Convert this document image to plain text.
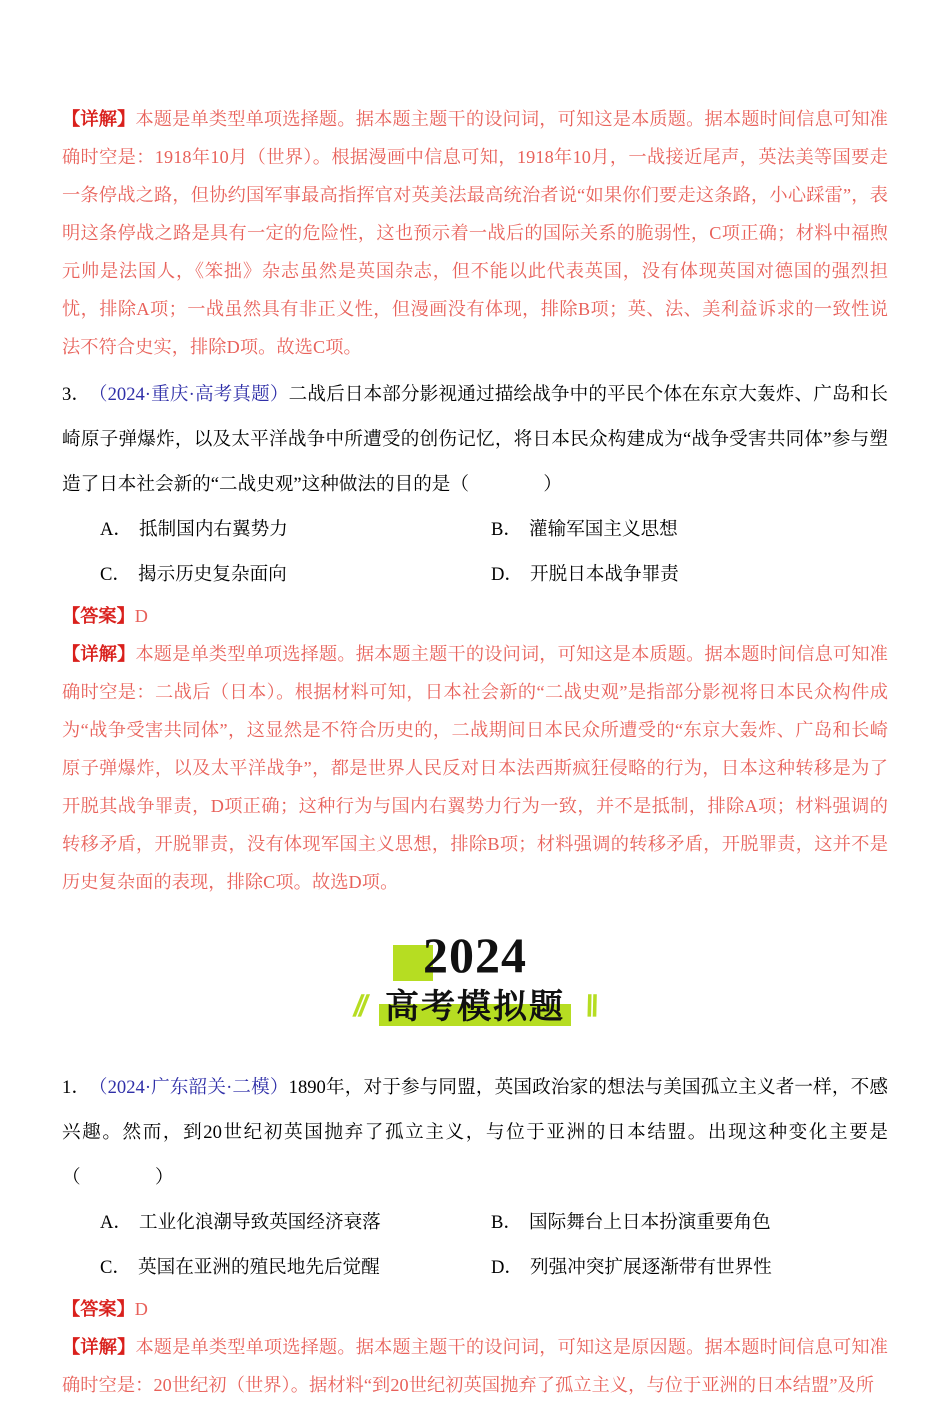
【详解】本题是单类型单项选择题。据本题主题干的设问词，可知这是本质题。据本题时间信息可知准确时空是：1918年10月（世界）。根据漫画中信息可知，1918年10月，一战接近尾声，英法美等国要走一条停战之路，但协约国军事最高指挥官对英美法最高统治者说“如果你们要走这条路，小心踩雷”，表明这条停战之路是具有一定的危险性，这也预示着一战后的国际关系的脆弱性，C项正确；材料中福煦元帅是法国人，《笨拙》杂志虽然是英国杂志，但不能以此代表英国，没有体现英国对德国的强烈担忧，排除A项；一战虽然具有非正义性，但漫画没有体现，排除B项；英、法、美利益诉求的一致性说法不符合史实，排除D项。故选C项。

3． （2024·重庆·高考真题）二战后日本部分影视通过描绘战争中的平民个体在东京大轰炸、广岛和长崎原子弹爆炸，以及太平洋战争中所遭受的创伤记忆，将日本民众构建成为“战争受害共同体”参与塑造了日本社会新的“二战史观”这种做法的目的是（　　　　）

A． 抵制国内右翼势力	B． 灌输军国主义思想
C． 揭示历史复杂面向	D． 开脱日本战争罪责

【答案】D

【详解】本题是单类型单项选择题。据本题主题干的设问词，可知这是本质题。据本题时间信息可知准确时空是：二战后（日本）。根据材料可知，日本社会新的“二战史观”是指部分影视将日本民众构件成为“战争受害共同体”，这显然是不符合历史的，二战期间日本民众所遭受的“东京大轰炸、广岛和长崎原子弹爆炸，以及太平洋战争”，都是世界人民反对日本法西斯疯狂侵略的行为，日本这种转移是为了开脱其战争罪责，D项正确；这种行为与国内右翼势力行为一致，并不是抵制，排除A项；材料强调的转移矛盾，开脱罪责，没有体现军国主义思想，排除B项；材料强调的转移矛盾，开脱罪责，这并不是历史复杂面的表现，排除C项。故选D项。

2024
// 高考模拟题 \\

1． （2024·广东韶关·二模）1890年，对于参与同盟，英国政治家的想法与美国孤立主义者一样，不感兴趣。然而，到20世纪初英国抛弃了孤立主义，与位于亚洲的日本结盟。出现这种变化主要是（　　　　）

A． 工业化浪潮导致英国经济衰落	B． 国际舞台上日本扮演重要角色
C． 英国在亚洲的殖民地先后觉醒	D． 列强冲突扩展逐渐带有世界性

【答案】D

【详解】本题是单类型单项选择题。据本题主题干的设问词，可知这是原因题。据本题时间信息可知准确时空是：20世纪初（世界）。据材料“到20世纪初英国抛弃了孤立主义，与位于亚洲的日本结盟”及所
